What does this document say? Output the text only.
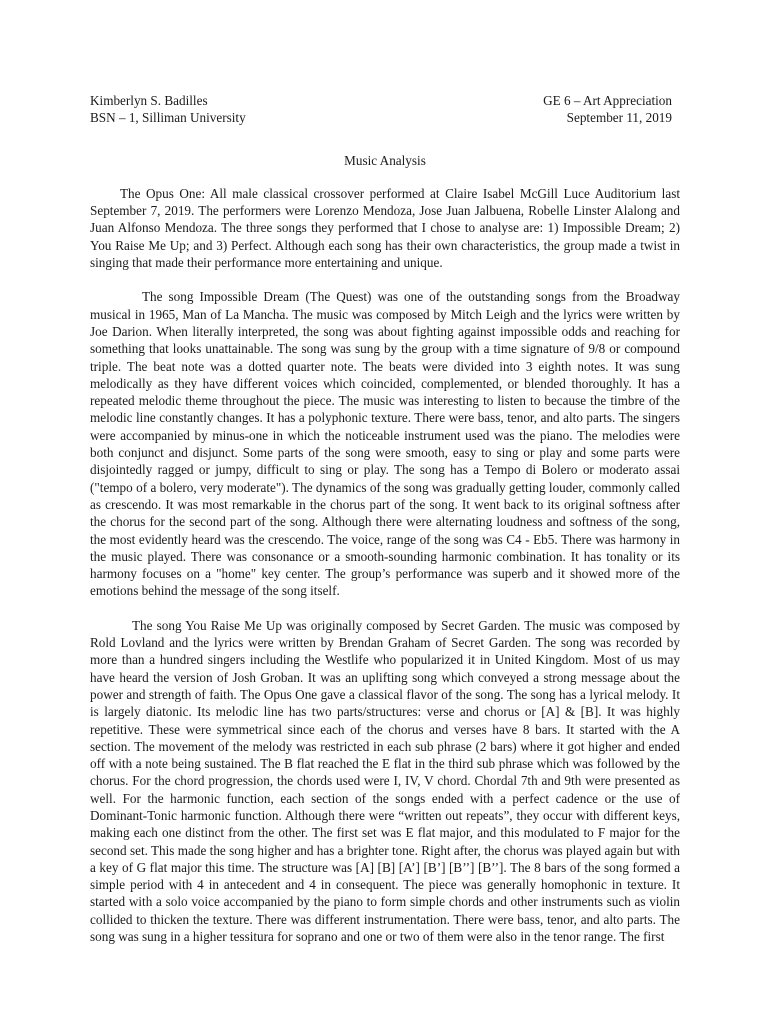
Kimberlyn S. Badilles
BSN – 1, Silliman University
GE 6 – Art Appreciation
September 11, 2019
Music Analysis

The Opus One: All male classical crossover performed at Claire Isabel McGill Luce Auditorium last September 7, 2019. The performers were Lorenzo Mendoza, Jose Juan Jalbuena, Robelle Linster Alalong and Juan Alfonso Mendoza. The three songs they performed that I chose to analyse are: 1) Impossible Dream; 2) You Raise Me Up; and 3) Perfect. Although each song has their own characteristics, the group made a twist in singing that made their performance more entertaining and unique.

The song Impossible Dream (The Quest) was one of the outstanding songs from the Broadway musical in 1965, Man of La Mancha. The music was composed by Mitch Leigh and the lyrics were written by Joe Darion. When literally interpreted, the song was about fighting against impossible odds and reaching for something that looks unattainable. The song was sung by the group with a time signature of 9/8 or compound triple. The beat note was a dotted quarter note. The beats were divided into 3 eighth notes. It was sung melodically as they have different voices which coincided, complemented, or blended thoroughly. It has a repeated melodic theme throughout the piece. The music was interesting to listen to because the timbre of the melodic line constantly changes. It has a polyphonic texture. There were bass, tenor, and alto parts. The singers were accompanied by minus-one in which the noticeable instrument used was the piano. The melodies were both conjunct and disjunct. Some parts of the song were smooth, easy to sing or play and some parts were disjointedly ragged or jumpy, difficult to sing or play. The song has a Tempo di Bolero or moderato assai ("tempo of a bolero, very moderate"). The dynamics of the song was gradually getting louder, commonly called as crescendo. It was most remarkable in the chorus part of the song. It went back to its original softness after the chorus for the second part of the song. Although there were alternating loudness and softness of the song, the most evidently heard was the crescendo. The voice, range of the song was C4 - Eb5. There was harmony in the music played. There was consonance or a smooth-sounding harmonic combination. It has tonality or its harmony focuses on a "home" key center. The group’s performance was superb and it showed more of the emotions behind the message of the song itself.

The song You Raise Me Up was originally composed by Secret Garden. The music was composed by Rold Lovland and the lyrics were written by Brendan Graham of Secret Garden. The song was recorded by more than a hundred singers including the Westlife who popularized it in United Kingdom. Most of us may have heard the version of Josh Groban. It was an uplifting song which conveyed a strong message about the power and strength of faith. The Opus One gave a classical flavor of the song. The song has a lyrical melody. It is largely diatonic. Its melodic line has two parts/structures: verse and chorus or [A] & [B]. It was highly repetitive. These were symmetrical since each of the chorus and verses have 8 bars. It started with the A section. The movement of the melody was restricted in each sub phrase (2 bars) where it got higher and ended off with a note being sustained. The B flat reached the E flat in the third sub phrase which was followed by the chorus. For the chord progression, the chords used were I, IV, V chord. Chordal 7th and 9th were presented as well. For the harmonic function, each section of the songs ended with a perfect cadence or the use of Dominant-Tonic harmonic function. Although there were “written out repeats”, they occur with different keys, making each one distinct from the other. The first set was E flat major, and this modulated to F major for the second set. This made the song higher and has a brighter tone. Right after, the chorus was played again but with a key of G flat major this time. The structure was [A] [B] [A’] [B’] [B’’] [B’’]. The 8 bars of the song formed a simple period with 4 in antecedent and 4 in consequent. The piece was generally homophonic in texture. It started with a solo voice accompanied by the piano to form simple chords and other instruments such as violin collided to thicken the texture. There was different instrumentation. There were bass, tenor, and alto parts. The song was sung in a higher tessitura for soprano and one or two of them were also in the tenor range. The first
